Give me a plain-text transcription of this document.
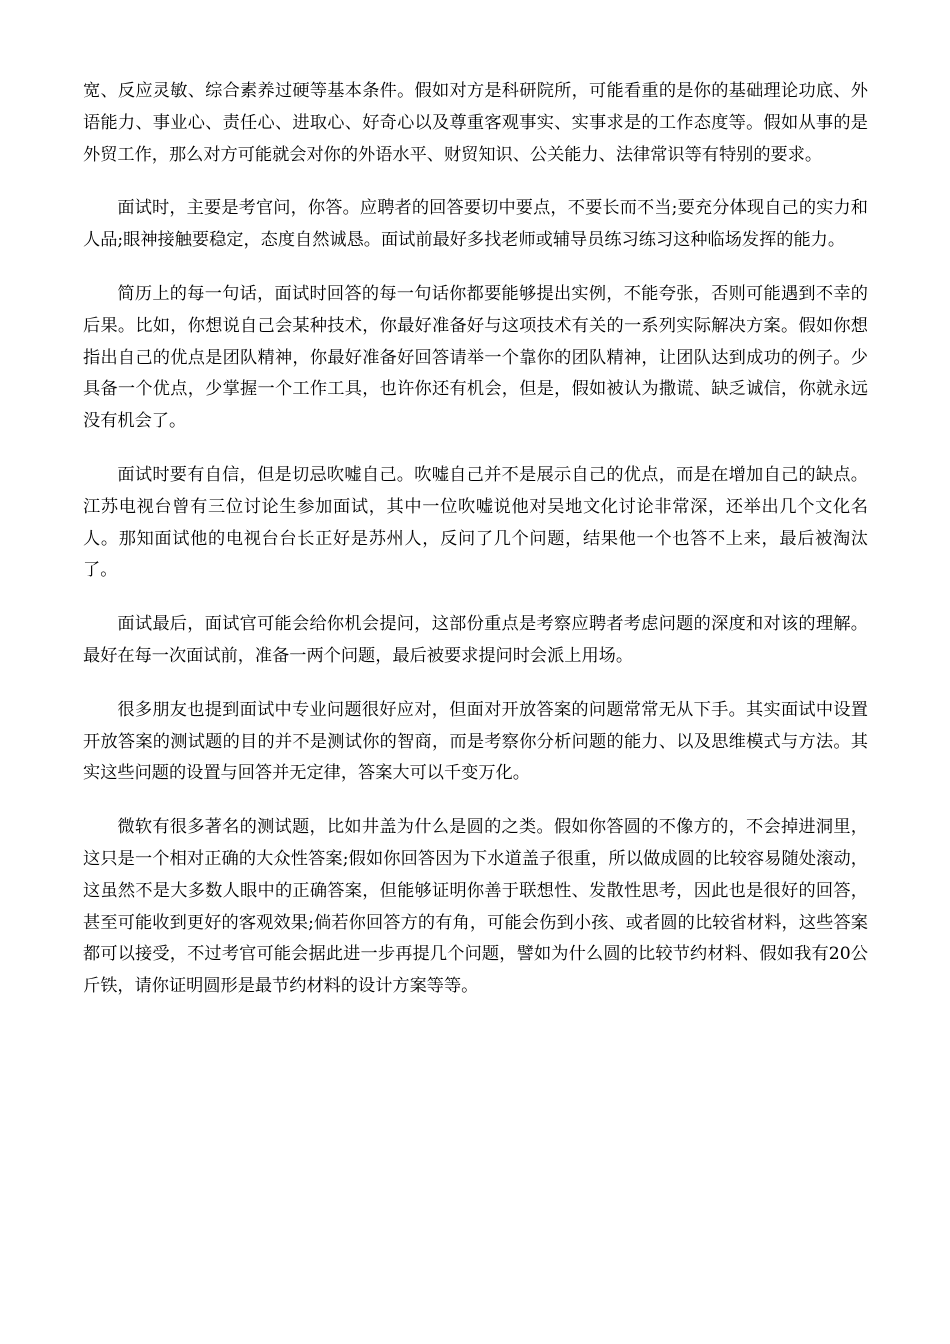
宽、反应灵敏、综合素养过硬等基本条件。假如对方是科研院所，可能看重的是你的基础理论功底、外语能力、事业心、责任心、进取心、好奇心以及尊重客观事实、实事求是的工作态度等。假如从事的是外贸工作，那么对方可能就会对你的外语水平、财贸知识、公关能力、法律常识等有特别的要求。

面试时，主要是考官问，你答。应聘者的回答要切中要点，不要长而不当;要充分体现自己的实力和人品;眼神接触要稳定，态度自然诚恳。面试前最好多找老师或辅导员练习练习这种临场发挥的能力。

简历上的每一句话，面试时回答的每一句话你都要能够提出实例，不能夸张，否则可能遇到不幸的后果。比如，你想说自己会某种技术，你最好准备好与这项技术有关的一系列实际解决方案。假如你想指出自己的优点是团队精神，你最好准备好回答请举一个靠你的团队精神，让团队达到成功的例子。少具备一个优点，少掌握一个工作工具，也许你还有机会，但是，假如被认为撒谎、缺乏诚信，你就永远没有机会了。

面试时要有自信，但是切忌吹嘘自己。吹嘘自己并不是展示自己的优点，而是在增加自己的缺点。江苏电视台曾有三位讨论生参加面试，其中一位吹嘘说他对吴地文化讨论非常深，还举出几个文化名人。那知面试他的电视台台长正好是苏州人，反问了几个问题，结果他一个也答不上来，最后被淘汰了。

面试最后，面试官可能会给你机会提问，这部份重点是考察应聘者考虑问题的深度和对该的理解。最好在每一次面试前，准备一两个问题，最后被要求提问时会派上用场。

很多朋友也提到面试中专业问题很好应对，但面对开放答案的问题常常无从下手。其实面试中设置开放答案的测试题的目的并不是测试你的智商，而是考察你分析问题的能力、以及思维模式与方法。其实这些问题的设置与回答并无定律，答案大可以千变万化。

微软有很多著名的测试题，比如井盖为什么是圆的之类。假如你答圆的不像方的，不会掉进洞里，这只是一个相对正确的大众性答案;假如你回答因为下水道盖子很重，所以做成圆的比较容易随处滚动，这虽然不是大多数人眼中的正确答案，但能够证明你善于联想性、发散性思考，因此也是很好的回答，甚至可能收到更好的客观效果;倘若你回答方的有角，可能会伤到小孩、或者圆的比较省材料，这些答案都可以接受，不过考官可能会据此进一步再提几个问题，譬如为什么圆的比较节约材料、假如我有20公斤铁，请你证明圆形是最节约材料的设计方案等等。
